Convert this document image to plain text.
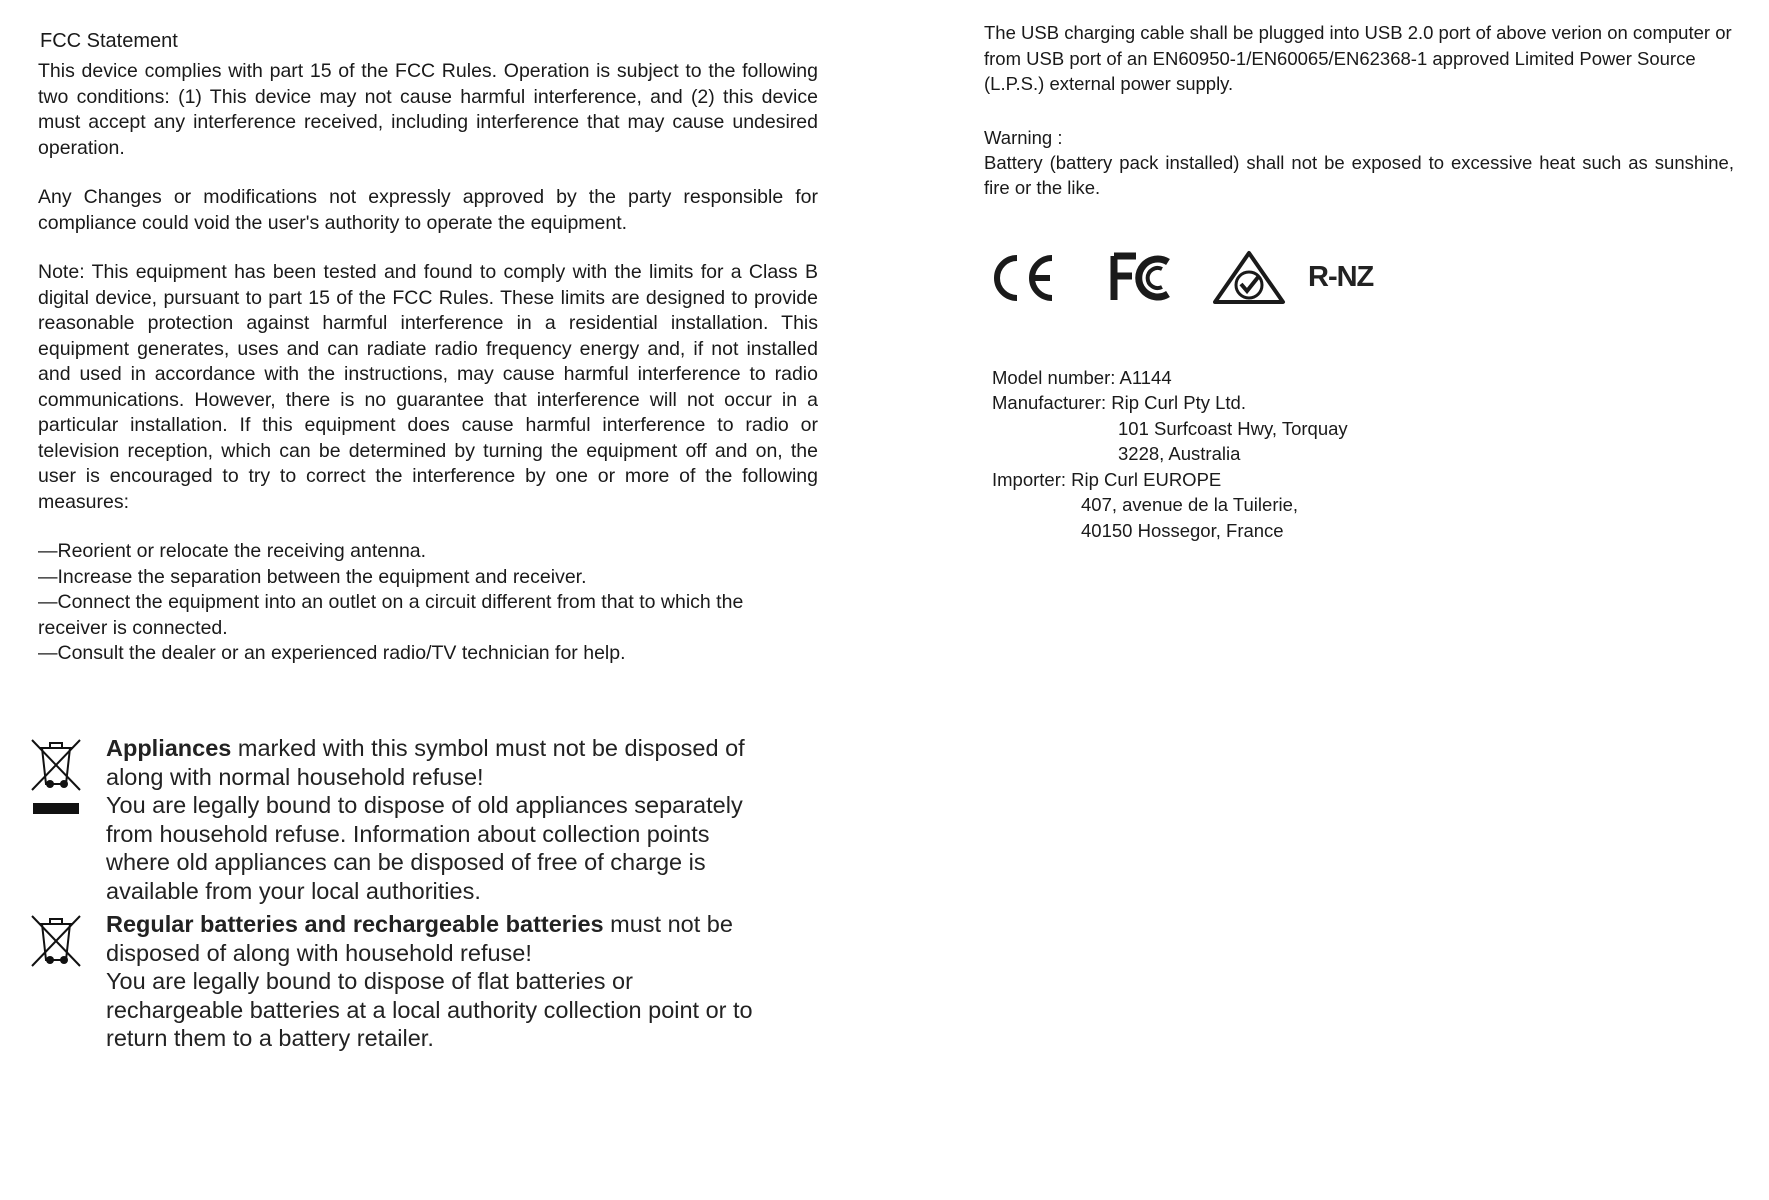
FCC Statement

This device complies with part 15 of the FCC Rules. Operation is subject to the following two conditions: (1) This device may not cause harmful interference, and (2) this device must accept any interference received, including interference that may cause undesired operation.

Any Changes or modifications not expressly approved by the party responsible for compliance could void the user's authority to operate the equipment.

Note: This equipment has been tested and found to comply with the limits for a Class B digital device, pursuant to part 15 of the FCC Rules. These limits are designed to provide reasonable protection against harmful interference in a residential installation. This equipment generates, uses and can radiate radio frequency energy and, if not installed and used in accordance with the instructions, may cause harmful interference to radio communications. However, there is no guarantee that interference will not occur in a particular installation. If this equipment does cause harmful interference to radio or television reception, which can be determined by turning the equipment off and on, the user is encouraged to try to correct the interference by one or more of the following measures:

—Reorient or relocate the receiving antenna.
—Increase the separation between the equipment and receiver.
—Connect the equipment into an outlet on a circuit different from that to which the receiver is connected.
—Consult the dealer or an experienced radio/TV technician for help.
Appliances marked with this symbol must not be disposed of along with normal household refuse!
You are legally bound to dispose of old appliances separately from household refuse. Information about collection points where old appliances can be disposed of free of charge is available from your local authorities.
Regular batteries and rechargeable batteries must not be disposed of along with household refuse!
You are legally bound to dispose of flat batteries or rechargeable batteries at a local authority collection point or to return them to a battery retailer.

The USB charging cable shall be plugged into USB 2.0 port of above verion on computer or from USB port of an EN60950-1/EN60065/EN62368-1 approved Limited Power Source (L.P.S.) external power supply.

Warning :

Battery (battery pack installed) shall not be exposed to excessive heat such as sunshine, fire or the like.

R-NZ
Model number: A1144
Manufacturer: Rip Curl Pty Ltd.
101 Surfcoast Hwy, Torquay
3228, Australia
Importer: Rip Curl EUROPE
407, avenue de la Tuilerie,
40150 Hossegor, France
